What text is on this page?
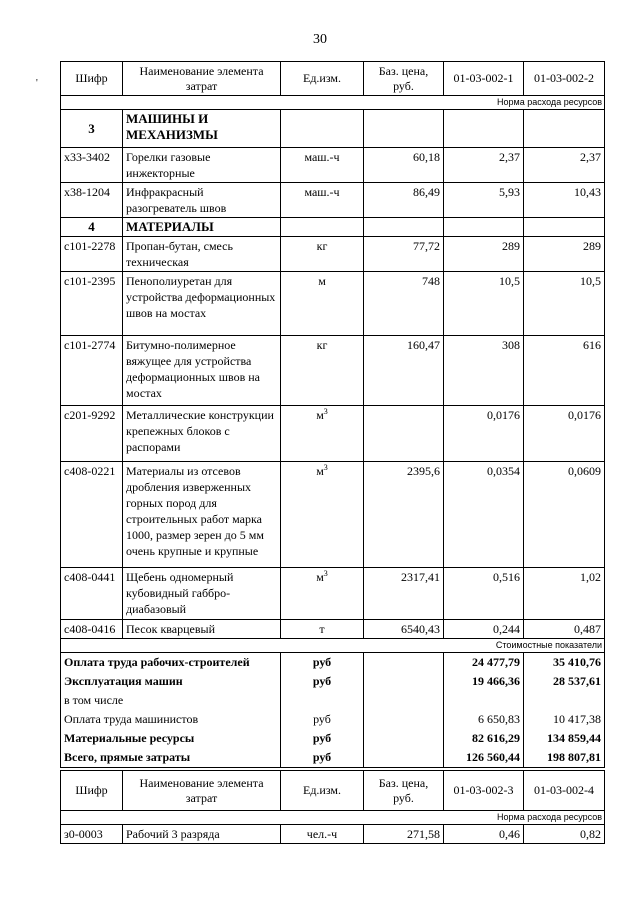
30
'	Шифр	Наименование элемента затрат	Ед.изм.	Баз. цена, руб.	01-03-002-1	01-03-002-2
Норма расхода ресурсов					
3	МАШИНЫ И МЕХАНИЗМЫ				
х33-3402	Горелки газовые инжекторные	маш.-ч	60,18	2,37	2,37
х38-1204	Инфракрасный разогреватель швов	маш.-ч	86,49	5,93	10,43
4	МАТЕРИАЛЫ				
с101-2278	Пропан-бутан, смесь техническая	кг	77,72	289	289
с101-2395	Пенополиуретан для устройства деформационных швов на мостах	м	748	10,5	10,5
с101-2774	Битумно-полимерное вяжущее для устройства деформационных швов на мостах	кг	160,47	308	616
с201-9292	Металлические конструкции крепежных блоков с распорами	$м^3$		0,0176	0,0176
с408-0221	Материалы из отсевов дробления изверженных горных пород для строительных работ марка 1000, размер зерен до 5 мм очень крупные и крупные	$м^3$	2395,6	0,0354	0,0609
с408-0441	Щебень одномерный кубовидный габбро-диабазовый	$м^3$	2317,41	0,516	1,02
с408-0416	Песок кварцевый	т	6540,43	0,244	0,487
Стоимостные показатели					
Оплата труда рабочих-строителей		руб		24 477,79	35 410,76
Эксплуатация машин		руб		19 466,36	28 537,61
в том числе					
Оплата труда машинистов		руб		6 650,83	10 417,38
Материальные ресурсы		руб		82 616,29	134 859,44
Всего, прямые затраты		руб		126 560,44	198 807,81
Шифр	Наименование элемента затрат	Ед.изм.	Баз. цена, руб.	01-03-002-3	01-03-002-4
Норма расхода ресурсов					
з0-0003	Рабочий 3 разряда	чел.-ч	271,58	0,46	0,82
